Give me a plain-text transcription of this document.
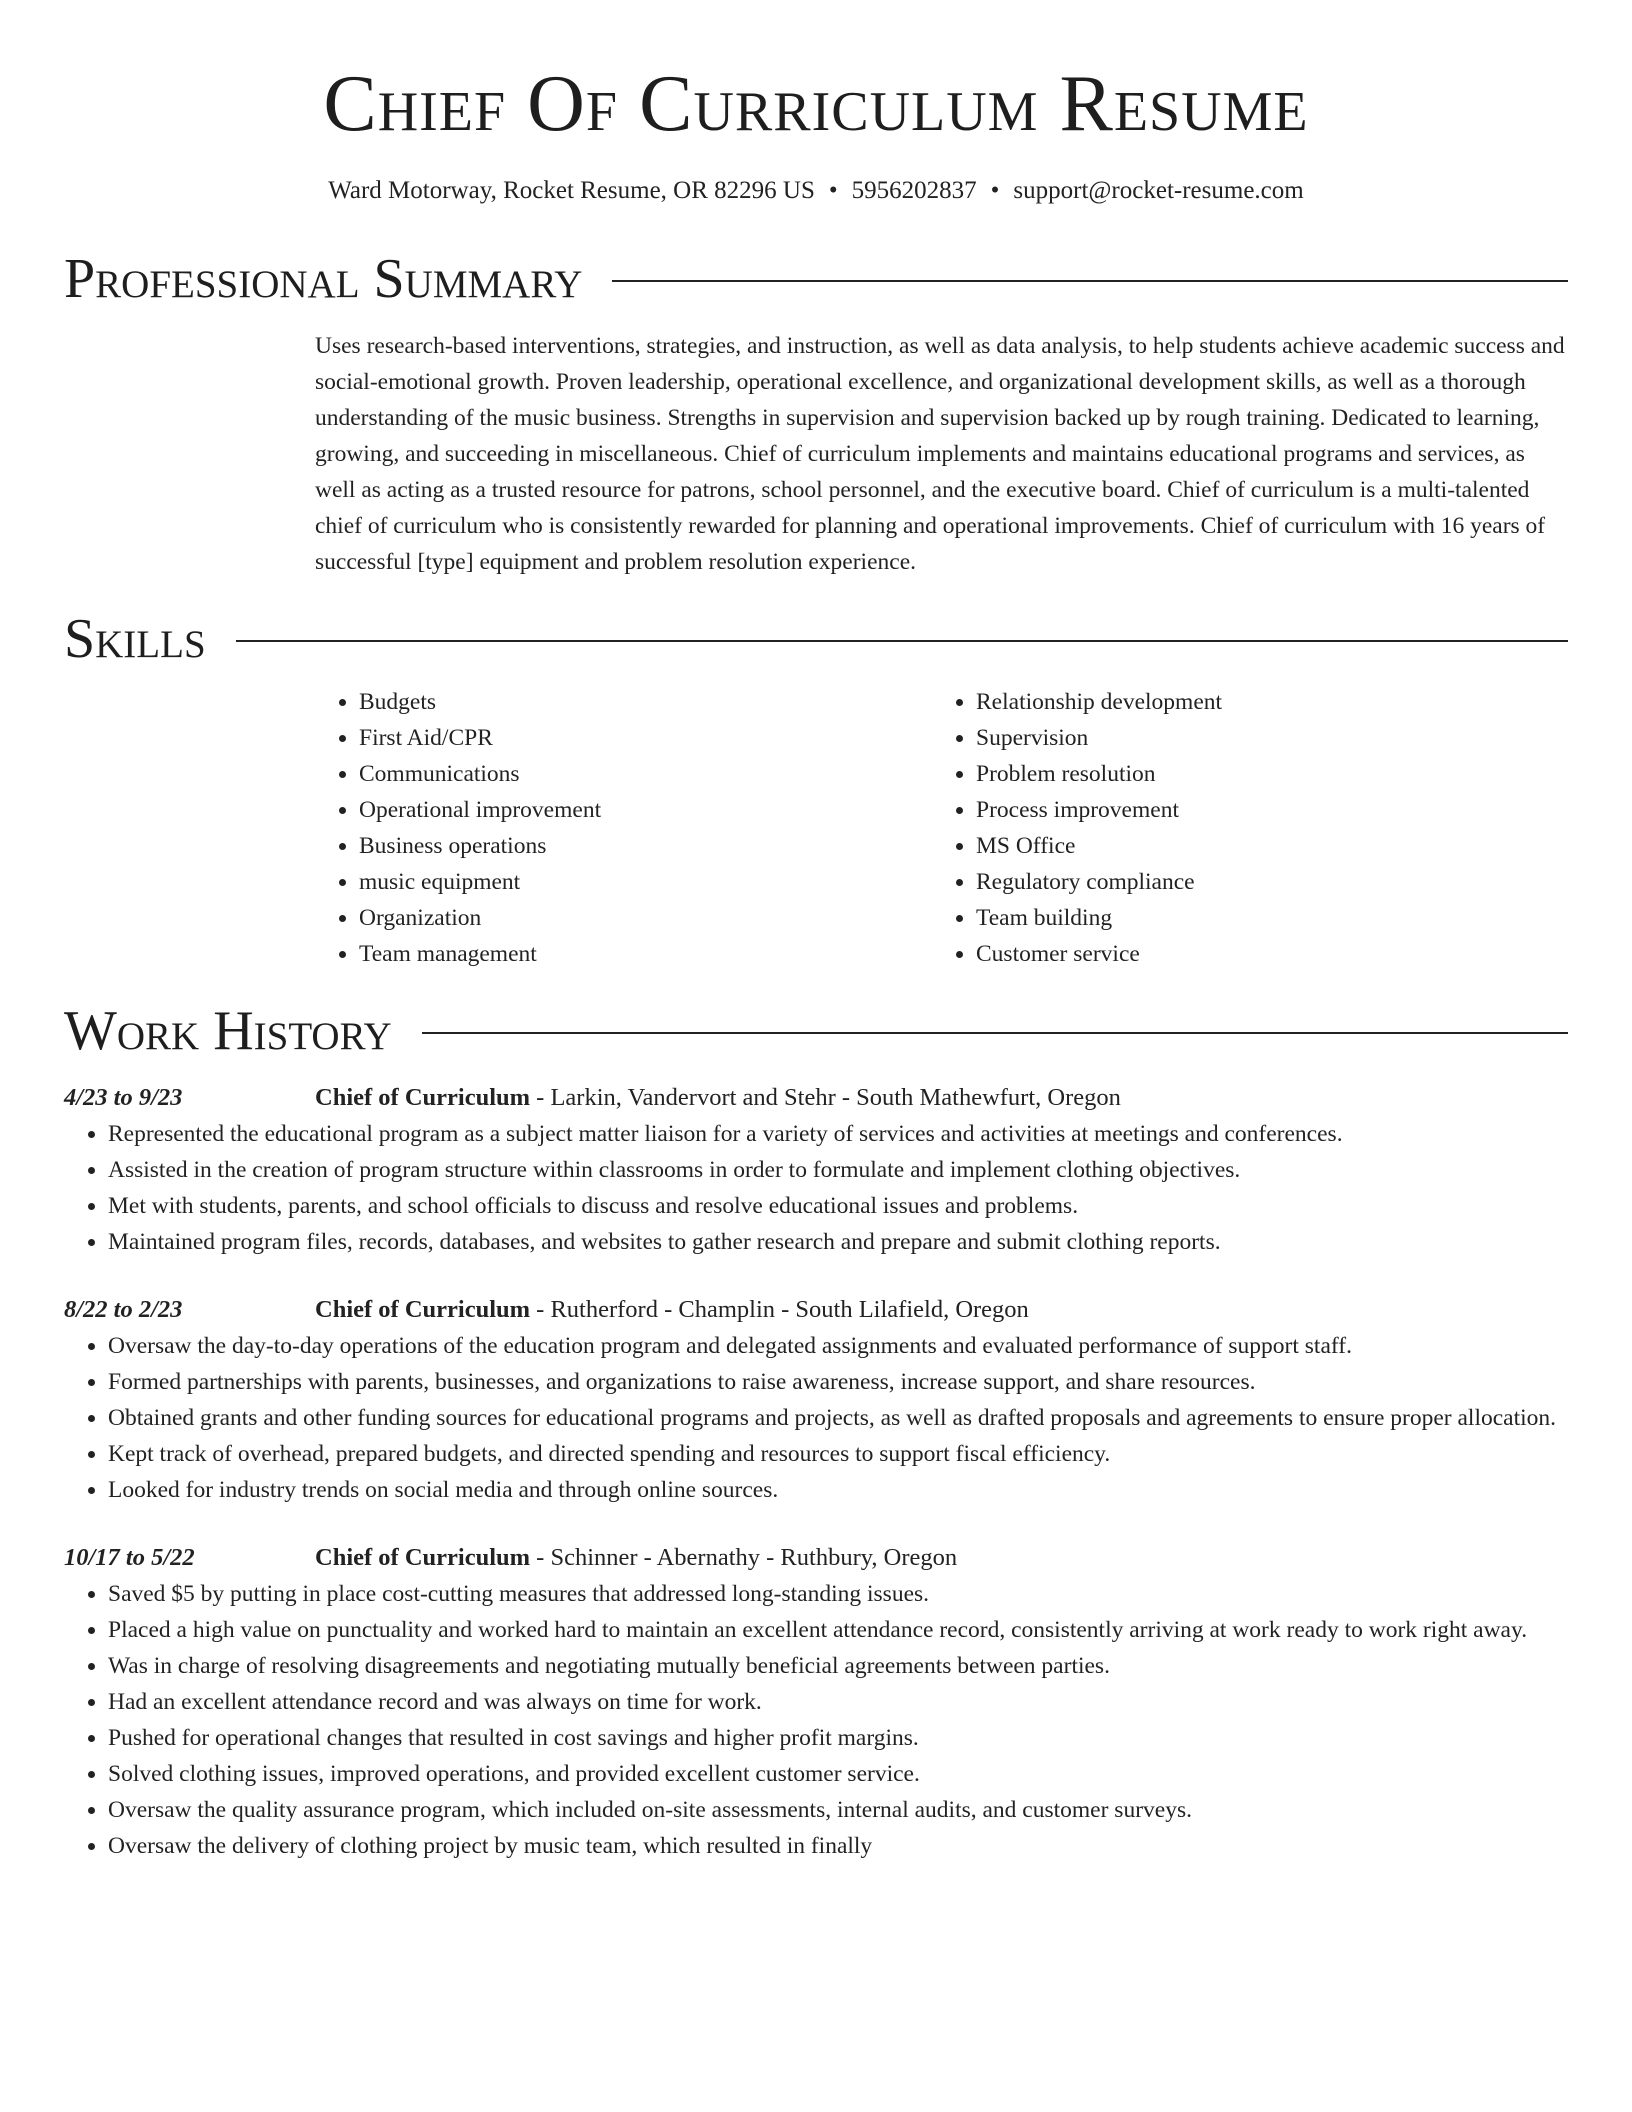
Chief Of Curriculum Resume
Ward Motorway, Rocket Resume, OR 82296 US • 5956202837 • support@rocket-resume.com
Professional Summary

Uses research-based interventions, strategies, and instruction, as well as data analysis, to help students achieve academic success and social-emotional growth. Proven leadership, operational excellence, and organizational development skills, as well as a thorough understanding of the music business. Strengths in supervision and supervision backed up by rough training. Dedicated to learning, growing, and succeeding in miscellaneous. Chief of curriculum implements and maintains educational programs and services, as well as acting as a trusted resource for patrons, school personnel, and the executive board. Chief of curriculum is a multi-talented chief of curriculum who is consistently rewarded for planning and operational improvements. Chief of curriculum with 16 years of successful [type] equipment and problem resolution experience.

Skills
• Budgets
• First Aid/CPR
• Communications
• Operational improvement
• Business operations
• music equipment
• Organization
• Team management
• Relationship development
• Supervision
• Problem resolution
• Process improvement
• MS Office
• Regulatory compliance
• Team building
• Customer service
Work History
4/23 to 9/23	Chief of Curriculum - Larkin, Vandervort and Stehr - South Mathewfurt, Oregon
• Represented the educational program as a subject matter liaison for a variety of services and activities at meetings and conferences.
• Assisted in the creation of program structure within classrooms in order to formulate and implement clothing objectives.
• Met with students, parents, and school officials to discuss and resolve educational issues and problems.
• Maintained program files, records, databases, and websites to gather research and prepare and submit clothing reports.
8/22 to 2/23	Chief of Curriculum - Rutherford - Champlin - South Lilafield, Oregon
• Oversaw the day-to-day operations of the education program and delegated assignments and evaluated performance of support staff.
• Formed partnerships with parents, businesses, and organizations to raise awareness, increase support, and share resources.
• Obtained grants and other funding sources for educational programs and projects, as well as drafted proposals and agreements to ensure proper allocation.
• Kept track of overhead, prepared budgets, and directed spending and resources to support fiscal efficiency.
• Looked for industry trends on social media and through online sources.
10/17 to 5/22	Chief of Curriculum - Schinner - Abernathy - Ruthbury, Oregon
• Saved $5 by putting in place cost-cutting measures that addressed long-standing issues.
• Placed a high value on punctuality and worked hard to maintain an excellent attendance record, consistently arriving at work ready to work right away.
• Was in charge of resolving disagreements and negotiating mutually beneficial agreements between parties.
• Had an excellent attendance record and was always on time for work.
• Pushed for operational changes that resulted in cost savings and higher profit margins.
• Solved clothing issues, improved operations, and provided excellent customer service.
• Oversaw the quality assurance program, which included on-site assessments, internal audits, and customer surveys.
• Oversaw the delivery of clothing project by music team, which resulted in finally
